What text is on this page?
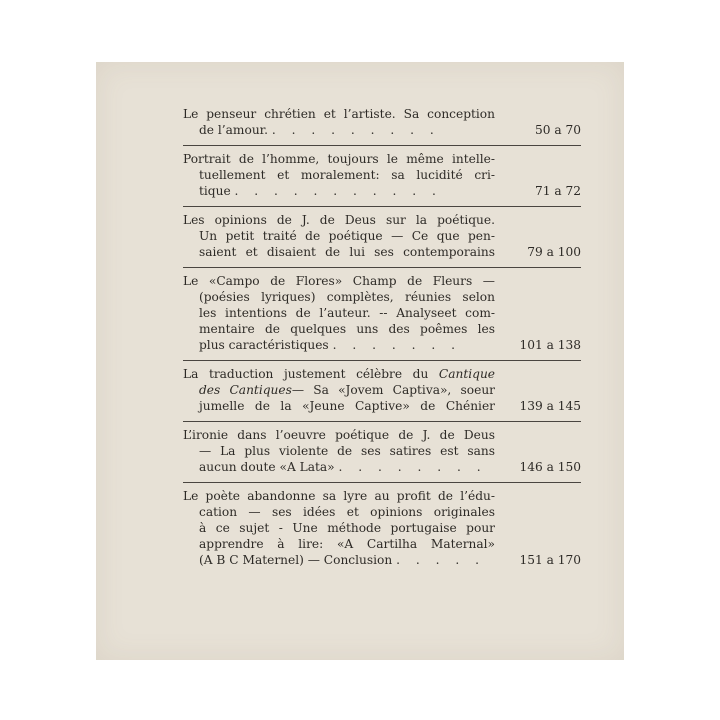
Le penseur chrétien et l’artiste. Sa conception
de l’amour. . . . . . . . . .	50 a 70
Portrait de l’homme, toujours le même intelle-
tuellement et moralement: sa lucidité cri-
tique . . . . . . . . . . .	71 a 72
Les opinions de J. de Deus sur la poétique.
Un petit traité de poétique — Ce que pen-
saient et disaient de lui ses contemporains	79 a 100
Le «Campo de Flores» Champ de Fleurs —
(poésies lyriques) complètes, réunies selon
les intentions de l’auteur. -- Analyseet com-
mentaire de quelques uns des poêmes les
plus caractéristiques . . . . . . .	101 a 138
La traduction justement célèbre du Cantique
des Cantiques— Sa «Jovem Captiva», soeur
jumelle de la «Jeune Captive» de Chénier 139 a 145
L’ironie dans l’oeuvre poétique de J. de Deus
— La plus violente de ses satires est sans
aucun doute «A Lata» . . . . . . . .	146 a 150
Le poète abandonne sa lyre au profit de l’édu-
cation — ses idées et opinions originales
à ce sujet - Une méthode portugaise pour
apprendre à lire: «A Cartilha Maternal»
(A B C Maternel) — Conclusion . . . . .	151 a 170
